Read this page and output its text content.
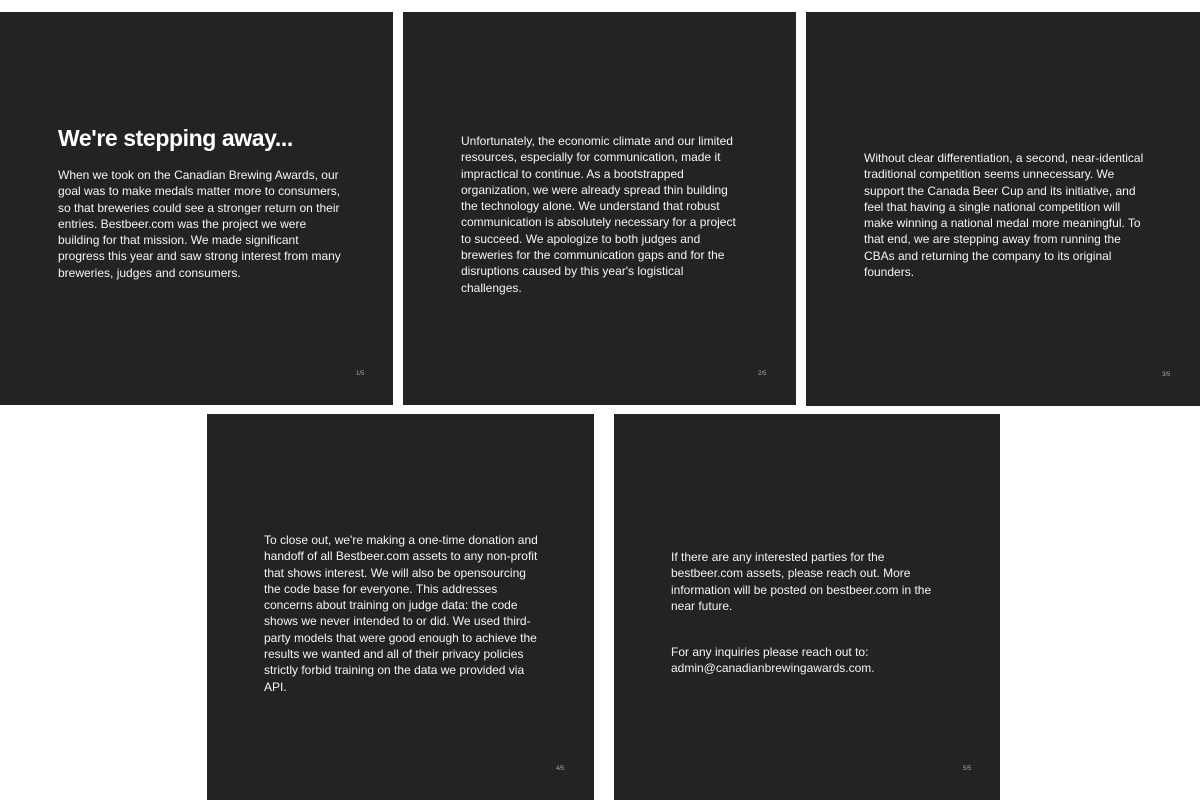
We're stepping away...

When we took on the Canadian Brewing Awards, our goal was to make medals matter more to consumers, so that breweries could see a stronger return on their entries. Bestbeer.com was the project we were building for that mission. We made significant progress this year and saw strong interest from many breweries, judges and consumers.

1/5

Unfortunately, the economic climate and our limited resources, especially for communication, made it impractical to continue. As a bootstrapped organization, we were already spread thin building the technology alone. We understand that robust communication is absolutely necessary for a project to succeed. We apologize to both judges and breweries for the communication gaps and for the disruptions caused by this year's logistical challenges.

2/5

Without clear differentiation, a second, near-identical traditional competition seems unnecessary. We support the Canada Beer Cup and its initiative, and feel that having a single national competition will make winning a national medal more meaningful. To that end, we are stepping away from running the CBAs and returning the company to its original founders.

3/5

To close out, we're making a one-time donation and handoff of all Bestbeer.com assets to any non-profit that shows interest. We will also be opensourcing the code base for everyone. This addresses concerns about training on judge data: the code shows we never intended to or did. We used third-party models that were good enough to achieve the results we wanted and all of their privacy policies strictly forbid training on the data we provided via API.

4/5

If there are any interested parties for the bestbeer.com assets, please reach out. More information will be posted on bestbeer.com in the near future.

For any inquiries please reach out to: admin@canadianbrewingawards.com.

5/5
